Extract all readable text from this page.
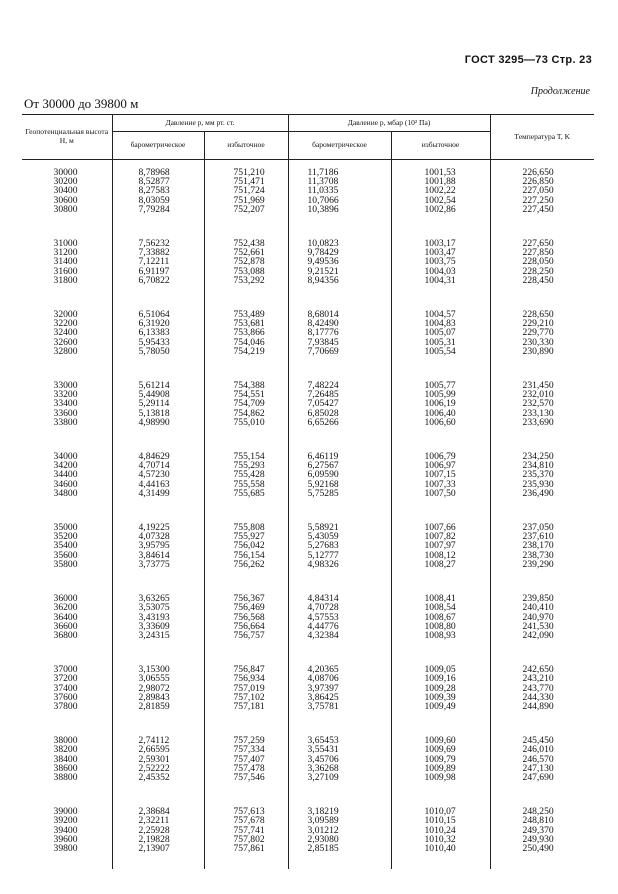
ГОСТ 3295—73 Стр. 23
Продолжение
От 30000 до 39800 м
Геопотенциальная высота H, м	Давление p, мм рт. ст.		Давление p, мбар (10² Па)		Температура T, K
	барометрическое	избыточное	барометрическое	избыточное	

30000	8,78968	751,210	11,7186	1001,53	226,650
30200	8,52877	751,471	11,3708	1001,88	226,850
30400	8,27583	751,724	11,0335	1002,22	227,050
30600	8,03059	751,969	10,7066	1002,54	227,250
30800	7,79284	752,207	10,3896	1002,86	227,450

31000	7,56232	752,438	10,0823	1003,17	227,650
31200	7,33882	752,661	9,78429	1003,47	227,850
31400	7,12211	752,878	9,49536	1003,75	228,050
31600	6,91197	753,088	9,21521	1004,03	228,250
31800	6,70822	753,292	8,94356	1004,31	228,450

32000	6,51064	753,489	8,68014	1004,57	228,650
32200	6,31920	753,681	8,42490	1004,83	229,210
32400	6,13383	753,866	8,17776	1005,07	229,770
32600	5,95433	754,046	7,93845	1005,31	230,330
32800	5,78050	754,219	7,70669	1005,54	230,890

33000	5,61214	754,388	7,48224	1005,77	231,450
33200	5,44908	754,551	7,26485	1005,99	232,010
33400	5,29114	754,709	7,05427	1006,19	232,570
33600	5,13818	754,862	6,85028	1006,40	233,130
33800	4,98990	755,010	6,65266	1006,60	233,690

34000	4,84629	755,154	6,46119	1006,79	234,250
34200	4,70714	755,293	6,27567	1006,97	234,810
34400	4,57230	755,428	6,09590	1007,15	235,370
34600	4,44163	755,558	5,92168	1007,33	235,930
34800	4,31499	755,685	5,75285	1007,50	236,490

35000	4,19225	755,808	5,58921	1007,66	237,050
35200	4,07328	755,927	5,43059	1007,82	237,610
35400	3,95795	756,042	5,27683	1007,97	238,170
35600	3,84614	756,154	5,12777	1008,12	238,730
35800	3,73775	756,262	4,98326	1008,27	239,290

36000	3,63265	756,367	4,84314	1008,41	239,850
36200	3,53075	756,469	4,70728	1008,54	240,410
36400	3,43193	756,568	4,57553	1008,67	240,970
36600	3,33609	756,664	4,44776	1008,80	241,530
36800	3,24315	756,757	4,32384	1008,93	242,090

37000	3,15300	756,847	4,20365	1009,05	242,650
37200	3,06555	756,934	4,08706	1009,16	243,210
37400	2,98072	757,019	3,97397	1009,28	243,770
37600	2,89843	757,102	3,86425	1009,39	244,330
37800	2,81859	757,181	3,75781	1009,49	244,890

38000	2,74112	757,259	3,65453	1009,60	245,450
38200	2,66595	757,334	3,55431	1009,69	246,010
38400	2,59301	757,407	3,45706	1009,79	246,570
38600	2,52222	757,478	3,36268	1009,89	247,130
38800	2,45352	757,546	3,27109	1009,98	247,690

39000	2,38684	757,613	3,18219	1010,07	248,250
39200	2,32211	757,678	3,09589	1010,15	248,810
39400	2,25928	757,741	3,01212	1010,24	249,370
39600	2,19828	757,802	2,93080	1010,32	249,930
39800	2,13907	757,861	2,85185	1010,40	250,490
